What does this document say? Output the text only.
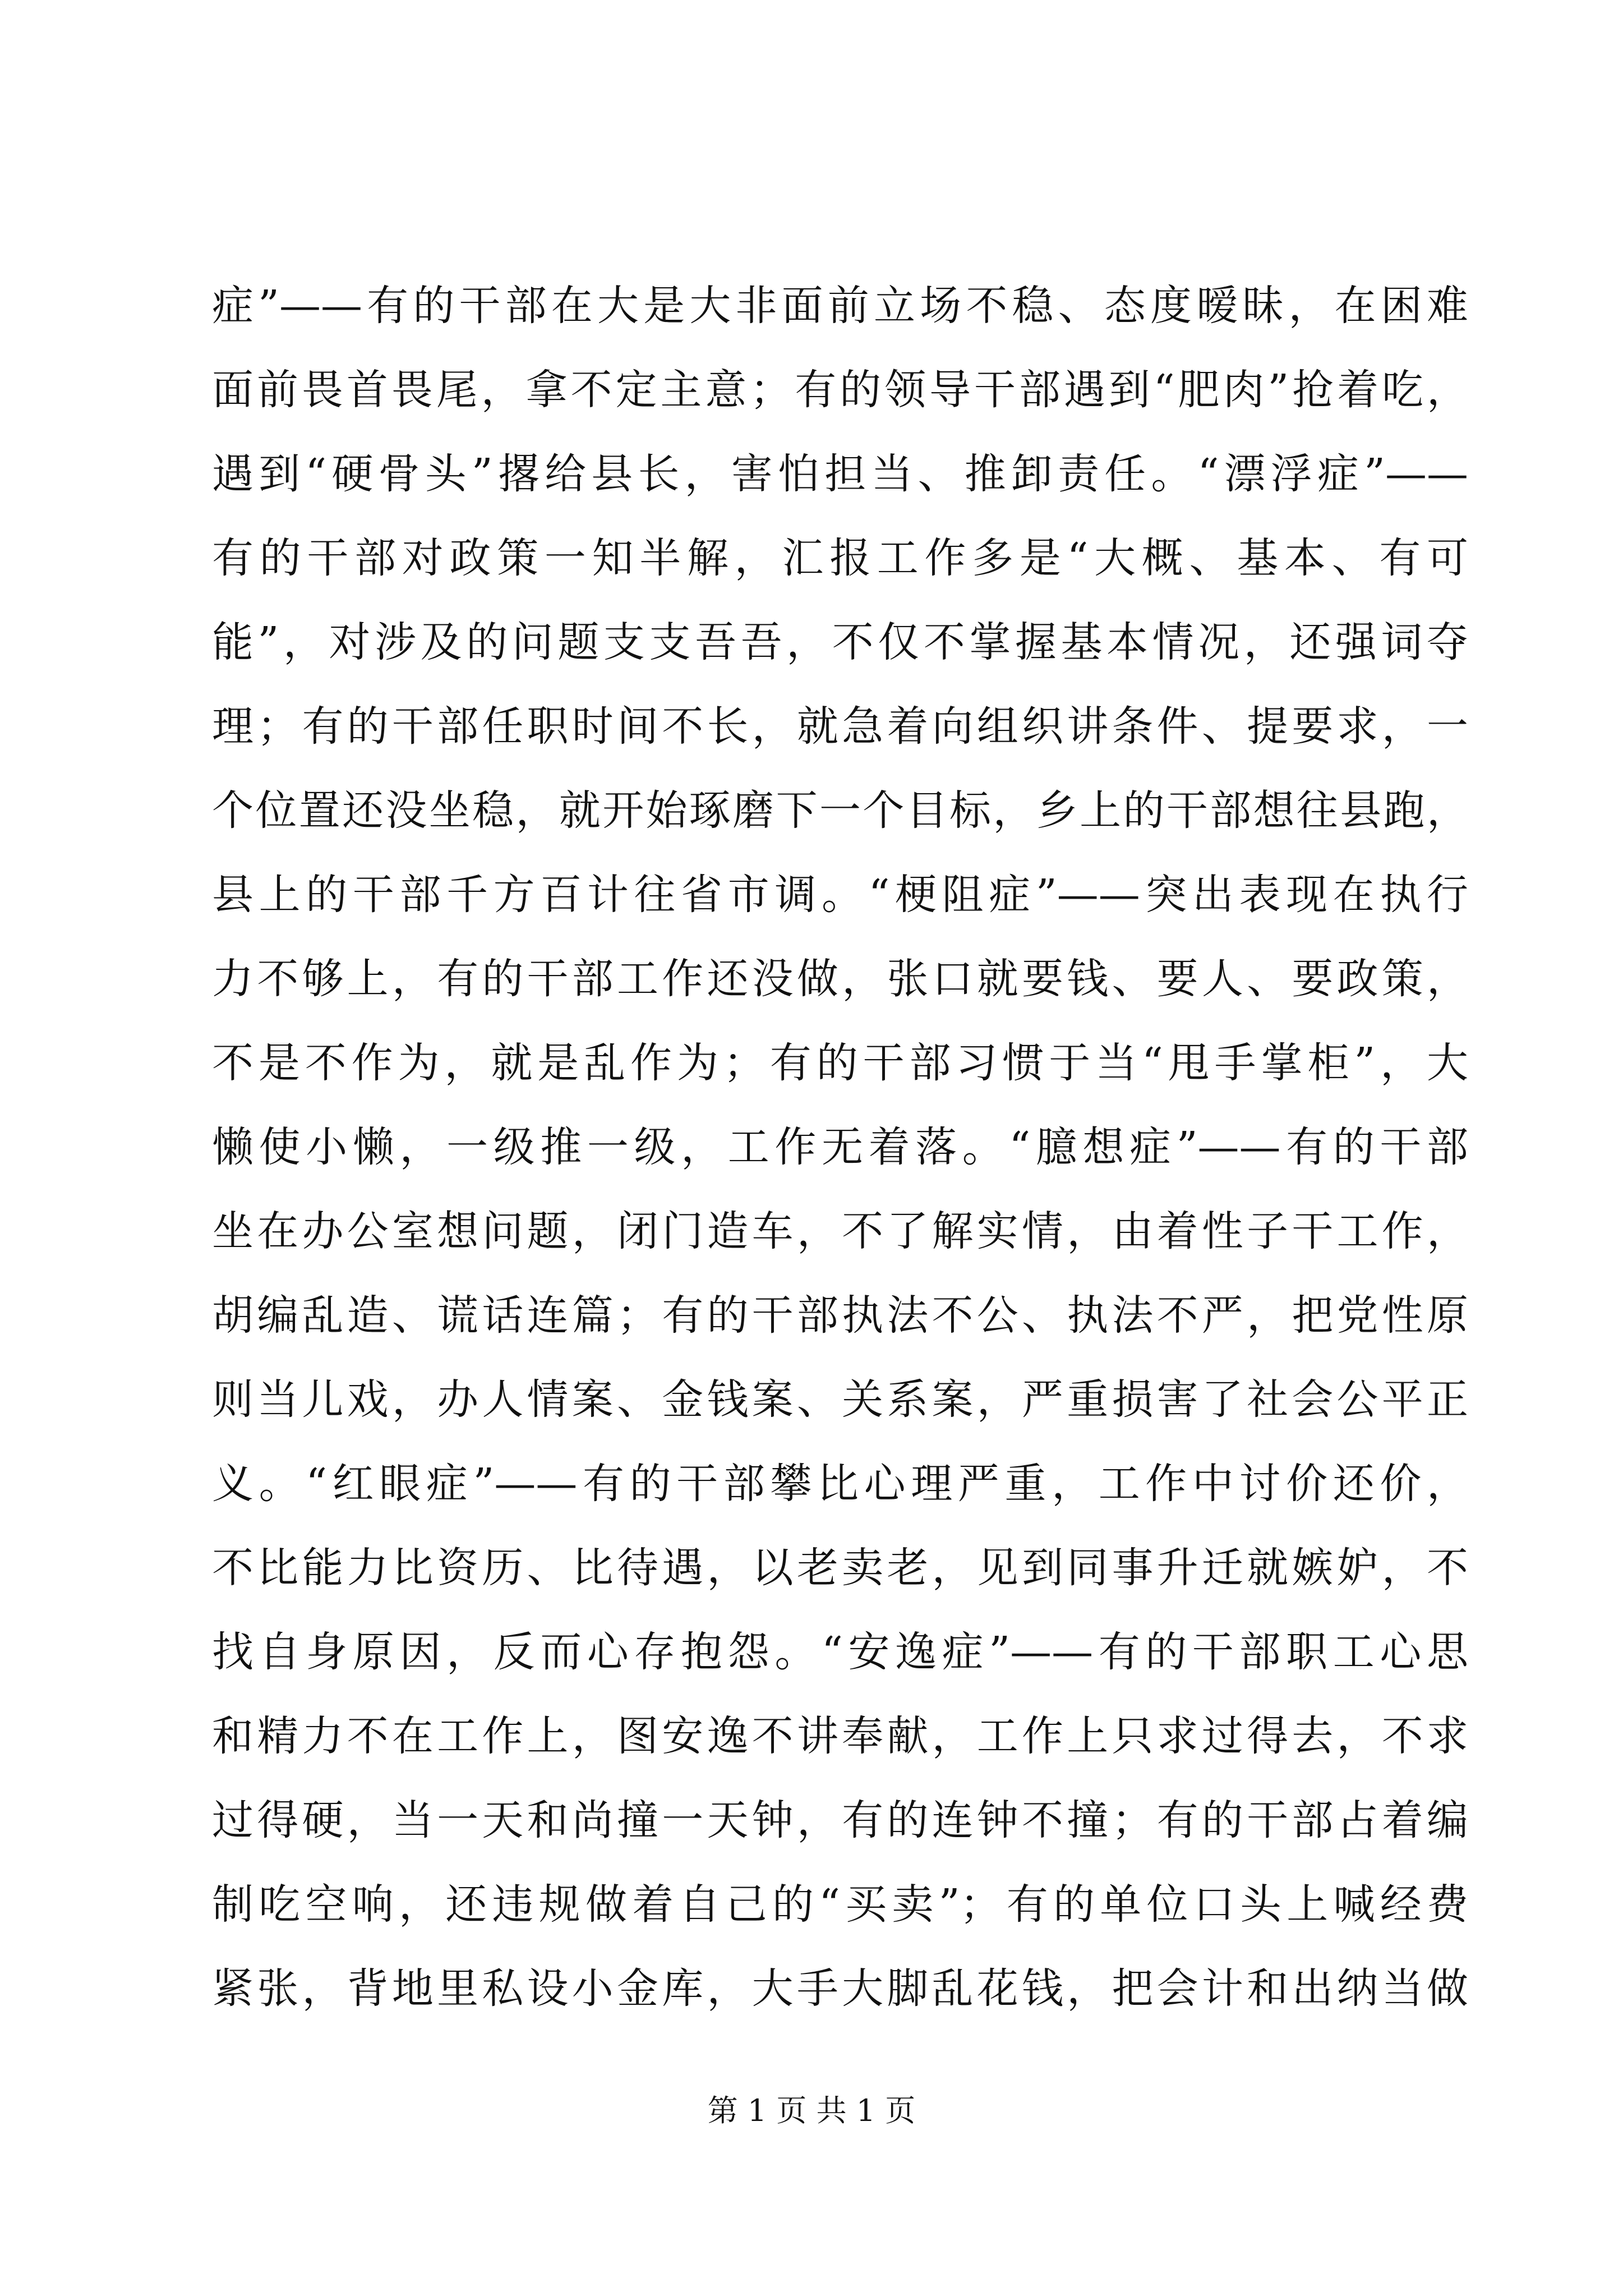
症”——有的干部在大是大非面前立场不稳、态度暧昧，在困难
面前畏首畏尾，拿不定主意；有的领导干部遇到“肥肉”抢着吃，
遇到“硬骨头”撂给县长，害怕担当、推卸责任。“漂浮症”——
有的干部对政策一知半解，汇报工作多是“大概、基本、有可
能”，对涉及的问题支支吾吾，不仅不掌握基本情况，还强词夺
理；有的干部任职时间不长，就急着向组织讲条件、提要求，一
个位置还没坐稳，就开始琢磨下一个目标，乡上的干部想往县跑，
县上的干部千方百计往省市调。“梗阻症”——突出表现在执行
力不够上，有的干部工作还没做，张口就要钱、要人、要政策，
不是不作为，就是乱作为；有的干部习惯于当“甩手掌柜”，大
懒使小懒，一级推一级，工作无着落。“臆想症”——有的干部
坐在办公室想问题，闭门造车，不了解实情，由着性子干工作，
胡编乱造、谎话连篇；有的干部执法不公、执法不严，把党性原
则当儿戏，办人情案、金钱案、关系案，严重损害了社会公平正
义。“红眼症”——有的干部攀比心理严重，工作中讨价还价，
不比能力比资历、比待遇，以老卖老，见到同事升迁就嫉妒，不
找自身原因，反而心存抱怨。“安逸症”——有的干部职工心思
和精力不在工作上，图安逸不讲奉献，工作上只求过得去，不求
过得硬，当一天和尚撞一天钟，有的连钟不撞；有的干部占着编
制吃空响，还违规做着自己的“买卖”；有的单位口头上喊经费
紧张，背地里私设小金库，大手大脚乱花钱，把会计和出纳当做
第 1 页 共 1 页
